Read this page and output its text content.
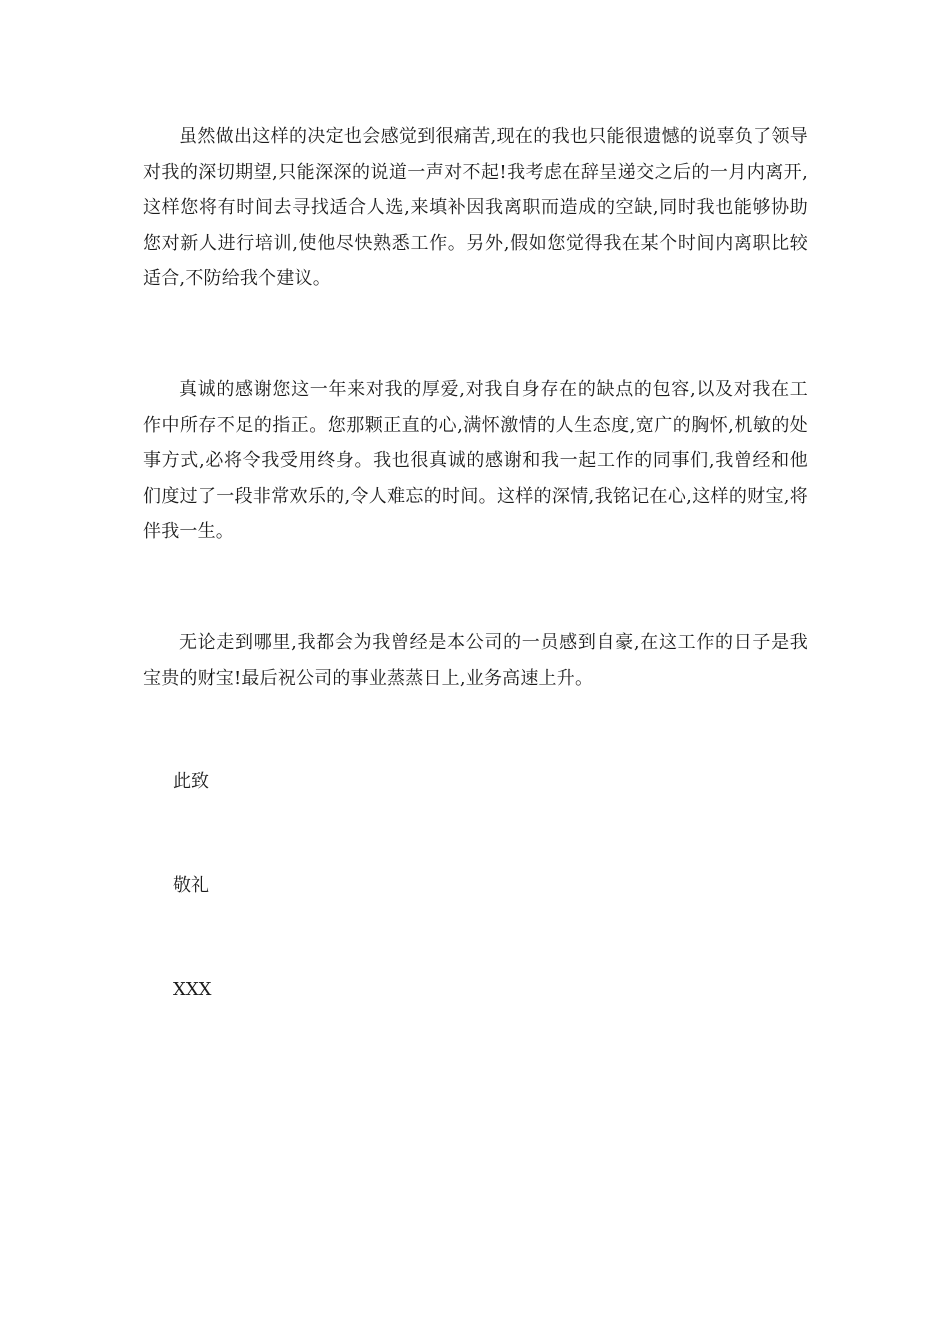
虽然做出这样的决定也会感觉到很痛苦,现在的我也只能很遗憾的说辜负了领导对我的深切期望,只能深深的说道一声对不起!我考虑在辞呈递交之后的一月内离开,这样您将有时间去寻找适合人选,来填补因我离职而造成的空缺,同时我也能够协助您对新人进行培训,使他尽快熟悉工作。另外,假如您觉得我在某个时间内离职比较适合,不防给我个建议。

真诚的感谢您这一年来对我的厚爱,对我自身存在的缺点的包容,以及对我在工作中所存不足的指正。您那颗正直的心,满怀激情的人生态度,宽广的胸怀,机敏的处事方式,必将令我受用终身。我也很真诚的感谢和我一起工作的同事们,我曾经和他们度过了一段非常欢乐的,令人难忘的时间。这样的深情,我铭记在心,这样的财宝,将伴我一生。

无论走到哪里,我都会为我曾经是本公司的一员感到自豪,在这工作的日子是我宝贵的财宝!最后祝公司的事业蒸蒸日上,业务高速上升。

此致

敬礼

XXX
